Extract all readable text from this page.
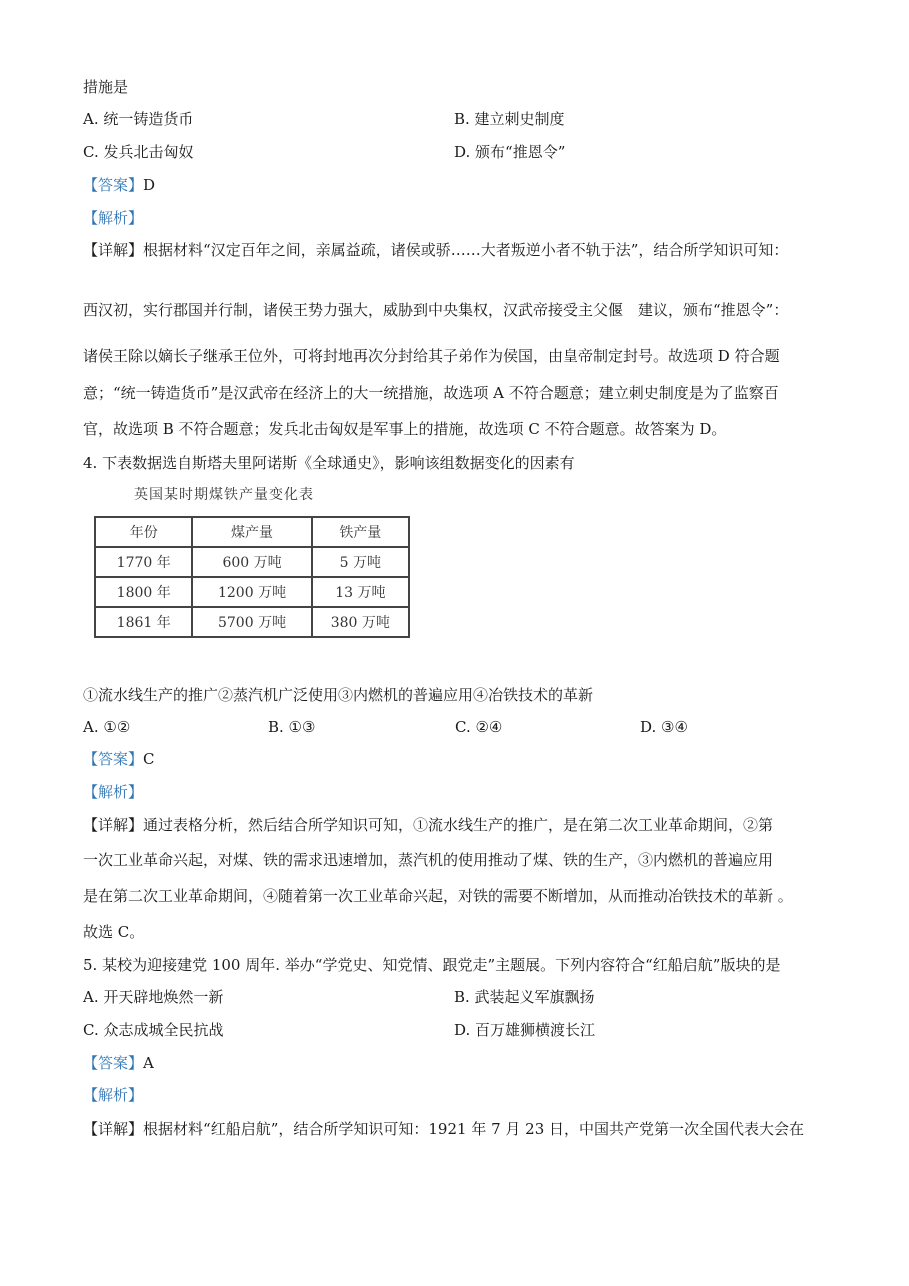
措施是
A. 统一铸造货币	B. 建立刺史制度
C. 发兵北击匈奴	D. 颁布“推恩令”
【答案】D
【解析】
【详解】根据材料“汉定百年之间，亲属益疏，诸侯或骄……大者叛逆小者不轨于法”，结合所学知识可知：
西汉初，实行郡国并行制，诸侯王势力强大，威胁到中央集权，汉武帝接受主父偃　建议，颁布“推恩令”：
诸侯王除以嫡长子继承王位外，可将封地再次分封给其子弟作为侯国，由皇帝制定封号。故选项 D 符合题
意；“统一铸造货币”是汉武帝在经济上的大一统措施，故选项 A 不符合题意；建立刺史制度是为了监察百
官，故选项 B 不符合题意；发兵北击匈奴是军事上的措施，故选项 C 不符合题意。故答案为 D。
4. 下表数据选自斯塔夫里阿诺斯《全球通史》，影响该组数据变化的因素有
英国某时期煤铁产量变化表
年份	煤产量	铁产量
1770 年	600 万吨	5 万吨
1800 年	1200 万吨	13 万吨
1861 年	5700 万吨	380 万吨
①流水线生产的推广②蒸汽机广泛使用③内燃机的普遍应用④冶铁技术的革新
A. ①②	B. ①③	C. ②④	D. ③④
【答案】C
【解析】
【详解】通过表格分析，然后结合所学知识可知，①流水线生产的推广，是在第二次工业革命期间，②第
一次工业革命兴起，对煤、铁的需求迅速增加，蒸汽机的使用推动了煤、铁的生产，③内燃机的普遍应用
是在第二次工业革命期间，④随着第一次工业革命兴起，对铁的需要不断增加，从而推动冶铁技术的革新 。
故选 C。
5. 某校为迎接建党 100 周年. 举办“学党史、知党情、跟党走”主题展。下列内容符合“红船启航”版块的是
A. 开天辟地焕然一新	B. 武装起义军旗飘扬
C. 众志成城全民抗战	D. 百万雄狮横渡长江
【答案】A
【解析】
【详解】根据材料“红船启航”，结合所学知识可知：1921 年 7 月 23 日，中国共产党第一次全国代表大会在
